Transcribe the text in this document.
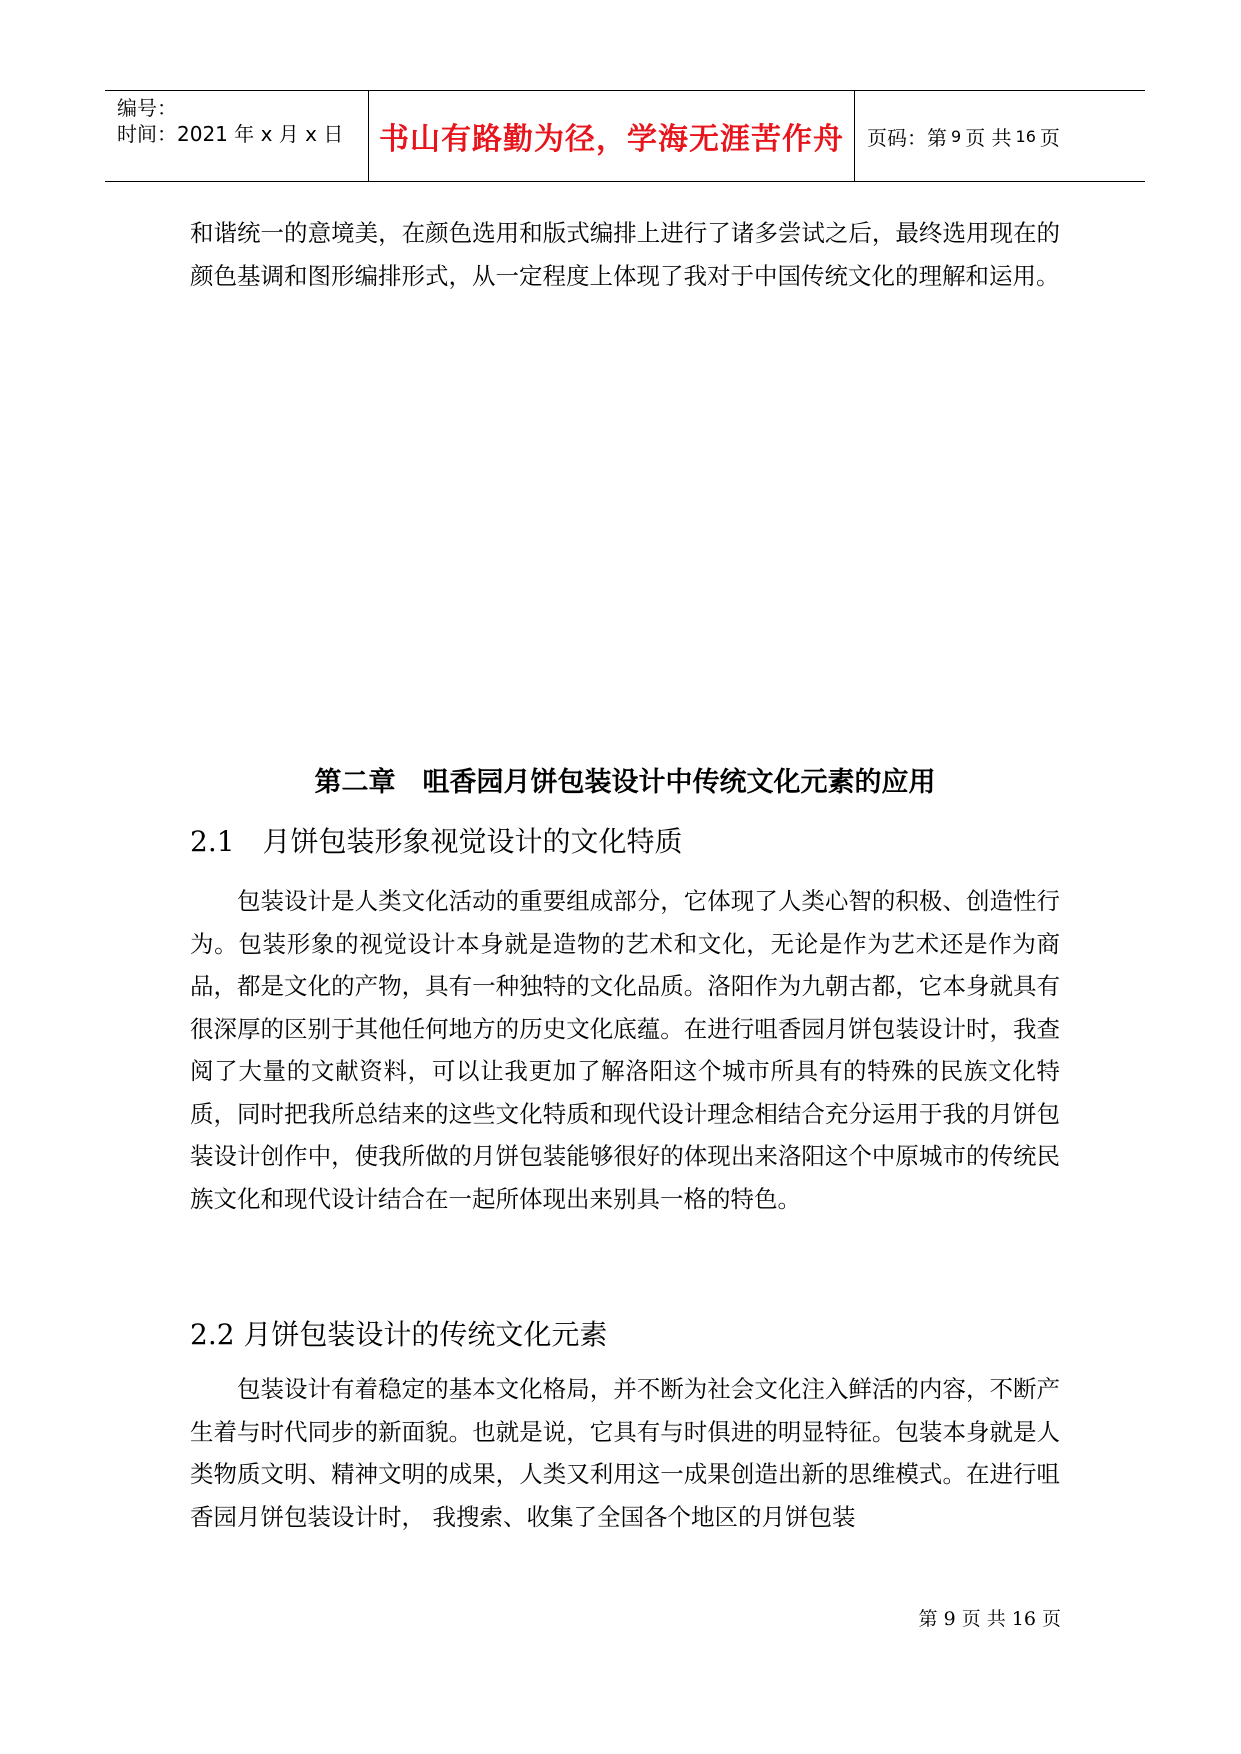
编号：
时间：2021 年 x 月 x 日	书山有路勤为径，学海无涯苦作舟 页码：第 9 页 共 16 页

和谐统一的意境美，在颜色选用和版式编排上进行了诸多尝试之后，最终选用现在的颜色基调和图形编排形式，从一定程度上体现了我对于中国传统文化的理解和运用。

第二章　咀香园月饼包装设计中传统文化元素的应用
2.1　月饼包装形象视觉设计的文化特质

包装设计是人类文化活动的重要组成部分，它体现了人类心智的积极、创造性行为。包装形象的视觉设计本身就是造物的艺术和文化，无论是作为艺术还是作为商品，都是文化的产物，具有一种独特的文化品质。洛阳作为九朝古都，它本身就具有很深厚的区别于其他任何地方的历史文化底蕴。在进行咀香园月饼包装设计时，我查阅了大量的文献资料，可以让我更加了解洛阳这个城市所具有的特殊的民族文化特质，同时把我所总结来的这些文化特质和现代设计理念相结合充分运用于我的月饼包装设计创作中，使我所做的月饼包装能够很好的体现出来洛阳这个中原城市的传统民族文化和现代设计结合在一起所体现出来别具一格的特色。

2.2 月饼包装设计的传统文化元素

包装设计有着稳定的基本文化格局，并不断为社会文化注入鲜活的内容，不断产生着与时代同步的新面貌。也就是说，它具有与时俱进的明显特征。包装本身就是人类物质文明、精神文明的成果，人类又利用这一成果创造出新的思维模式。在进行咀香园月饼包装设计时， 我搜索、收集了全国各个地区的月饼包装

第 9 页 共 16 页
